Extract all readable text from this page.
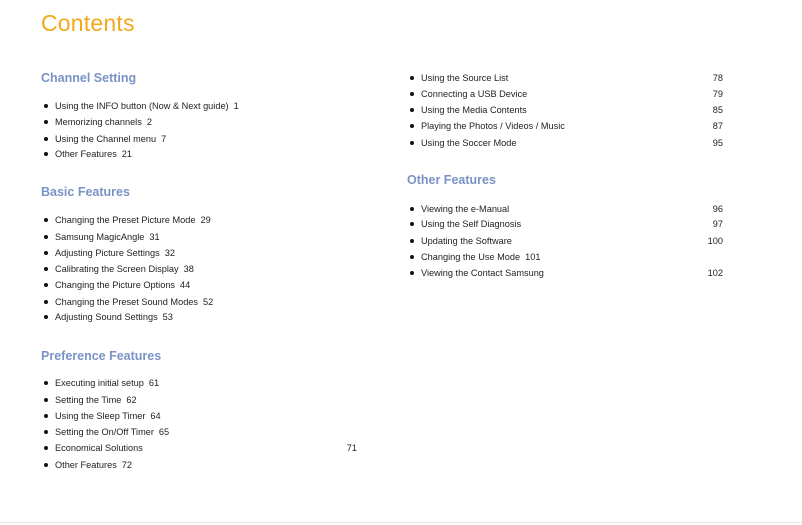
Contents
Channel Setting
Using the INFO button (Now & Next guide) 1
Memorizing channels 2
Using the Channel menu 7
Other Features 21
Basic Features
Changing the Preset Picture Mode 29
Samsung MagicAngle 31
Adjusting Picture Settings 32
Calibrating the Screen Display 38
Changing the Picture Options 44
Changing the Preset Sound Modes 52
Adjusting Sound Settings 53
Preference Features
Executing initial setup 61
Setting the Time 62
Using the Sleep Timer 64
Setting the On/Off Timer 65
Economical Solutions	71
Other Features 72
Using the Source List	78
Connecting a USB Device	79
Using the Media Contents	85
Playing the Photos / Videos / Music	87
Using the Soccer Mode	95
Other Features
Viewing the e-Manual	96
Using the Self Diagnosis	97
Updating the Software	100
Changing the Use Mode 101
Viewing the Contact Samsung	102
